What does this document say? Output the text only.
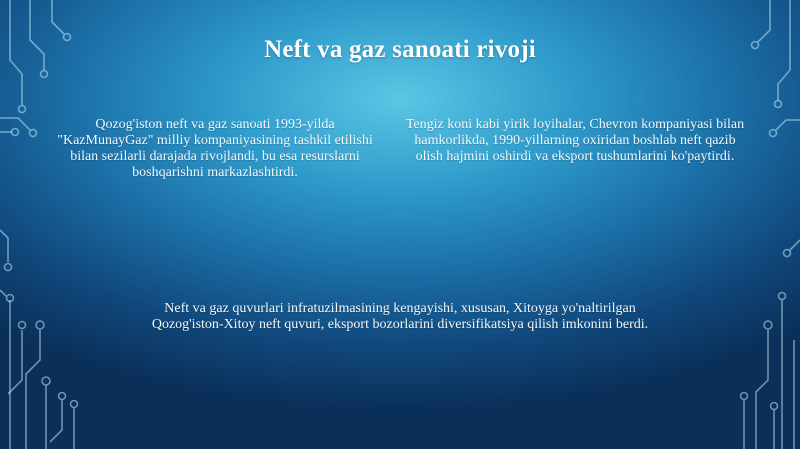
Neft va gaz sanoati rivoji
Qozog'iston neft va gaz sanoati 1993-yilda "KazMunayGaz" milliy kompaniyasining tashkil etilishi bilan sezilarli darajada rivojlandi, bu esa resurslarni boshqarishni markazlashtirdi.
Tengiz koni kabi yirik loyihalar, Chevron kompaniyasi bilan hamkorlikda, 1990-yillarning oxiridan boshlab neft qazib olish hajmini oshirdi va eksport tushumlarini ko'paytirdi.
Neft va gaz quvurlari infratuzilmasining kengayishi, xususan, Xitoyga yo'naltirilgan Qozog'iston-Xitoy neft quvuri, eksport bozorlarini diversifikatsiya qilish imkonini berdi.
